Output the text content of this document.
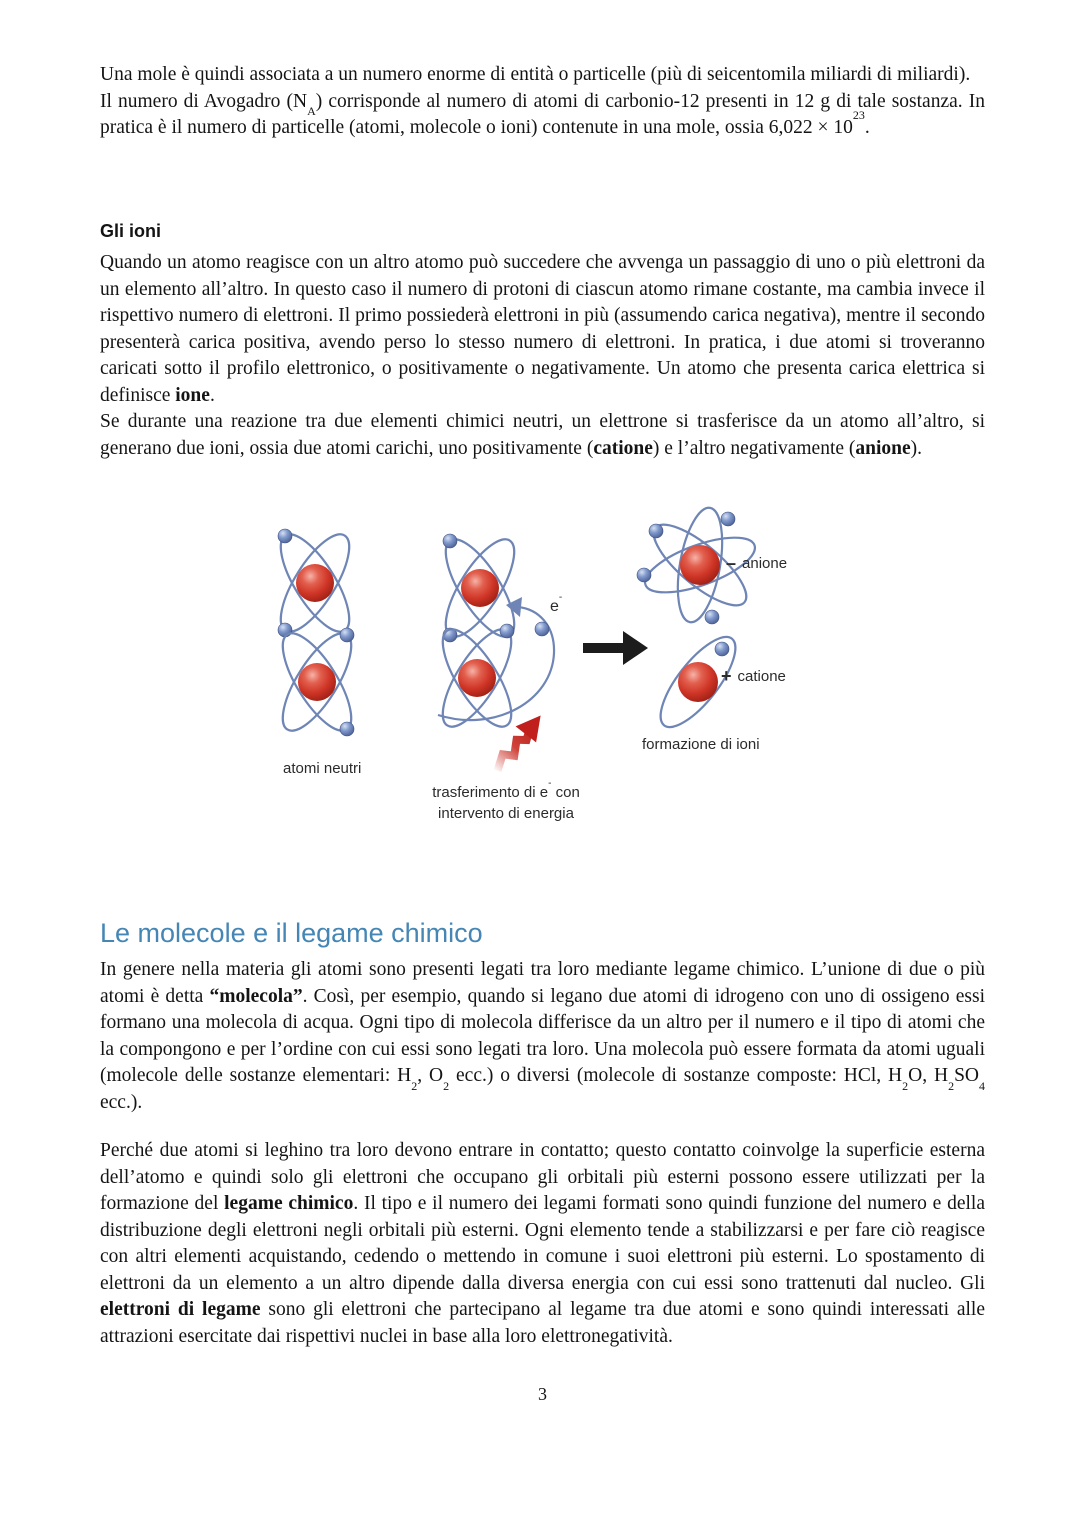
Una mole è quindi associata a un numero enorme di entità o particelle (più di seicentomila miliardi di miliardi).

Il numero di Avogadro $(N_A)$ corrisponde al numero di atomi di carbonio-12 presenti in 12 g di tale sostanza. In pratica è il numero di particelle (atomi, molecole o ioni) contenute in una mole, ossia $6,022 \times 10^{23}$.

Gli ioni

Quando un atomo reagisce con un altro atomo può succedere che avvenga un passaggio di uno o più elettroni da un elemento all’altro. In questo caso il numero di protoni di ciascun atomo rimane costante, ma cambia invece il rispettivo numero di elettroni. Il primo possiederà elettroni in più (assumendo carica negativa), mentre il secondo presenterà carica positiva, avendo perso lo stesso numero di elettroni. In pratica, i due atomi si troveranno caricati sotto il profilo elettronico, o positivamente o negativamente. Un atomo che presenta carica elettrica si definisce ione.

Se durante una reazione tra due elementi chimici neutri, un elettrone si trasferisce da un atomo all’altro, si generano due ioni, ossia due atomi carichi, uno positivamente (catione) e l’altro negativamente (anione).

e-
– anione
+ catione
formazione di ioni
atomi neutri
trasferimento di e- con
intervento di energia
Le molecole e il legame chimico

In genere nella materia gli atomi sono presenti legati tra loro mediante legame chimico. L’unione di due o più atomi è detta “molecola”. Così, per esempio, quando si legano due atomi di idrogeno con uno di ossigeno essi formano una molecola di acqua. Ogni tipo di molecola differisce da un altro per il numero e il tipo di atomi che la compongono e per l’ordine con cui essi sono legati tra loro. Una molecola può essere formata da atomi uguali (molecole delle sostanze elementari: $H_2$, $O_2$ ecc.) o diversi (molecole di sostanze composte: HCl, $H_2O$, $H_2SO_4$ ecc.).

Perché due atomi si leghino tra loro devono entrare in contatto; questo contatto coinvolge la superficie esterna dell’atomo e quindi solo gli elettroni che occupano gli orbitali più esterni possono essere utilizzati per la formazione del legame chimico. Il tipo e il numero dei legami formati sono quindi funzione del numero e della distribuzione degli elettroni negli orbitali più esterni. Ogni elemento tende a stabilizzarsi e per fare ciò reagisce con altri elementi acquistando, cedendo o mettendo in comune i suoi elettroni più esterni. Lo spostamento di elettroni da un elemento a un altro dipende dalla diversa energia con cui essi sono trattenuti dal nucleo. Gli elettroni di legame sono gli elettroni che partecipano al legame tra due atomi e sono quindi interessati alle attrazioni esercitate dai rispettivi nuclei in base alla loro elettronegatività.

3
